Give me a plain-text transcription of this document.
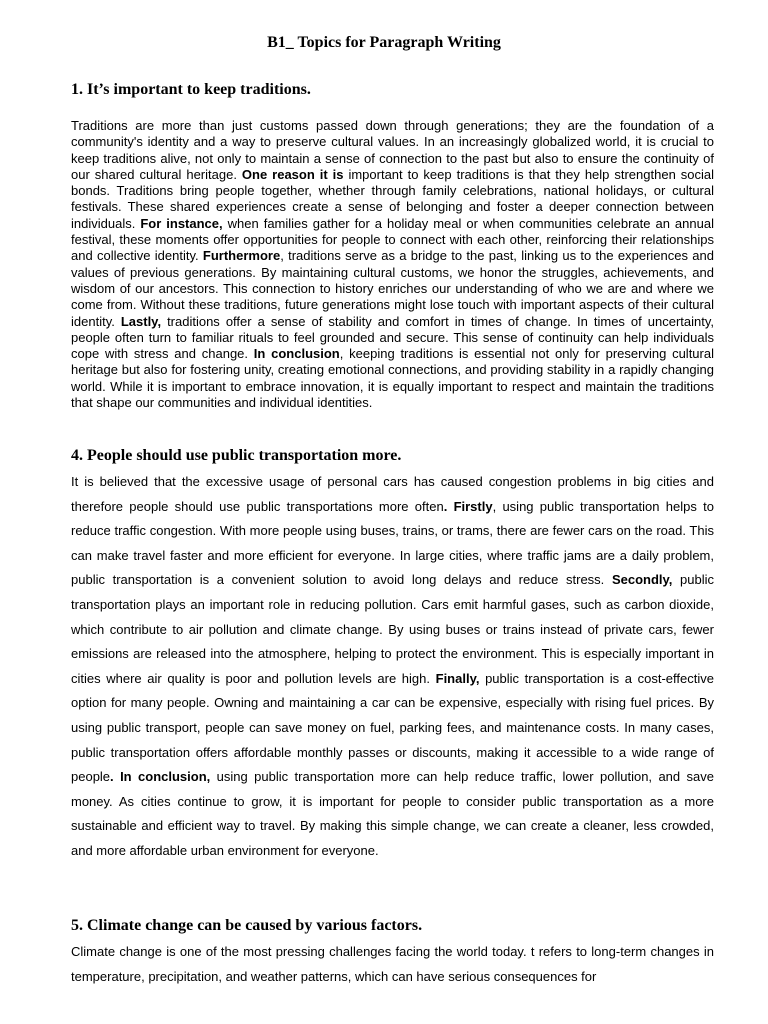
B1_ Topics for Paragraph Writing
1. It’s important to keep traditions.

Traditions are more than just customs passed down through generations; they are the foundation of a community's identity and a way to preserve cultural values. In an increasingly globalized world, it is crucial to keep traditions alive, not only to maintain a sense of connection to the past but also to ensure the continuity of our shared cultural heritage. One reason it is important to keep traditions is that they help strengthen social bonds. Traditions bring people together, whether through family celebrations, national holidays, or cultural festivals. These shared experiences create a sense of belonging and foster a deeper connection between individuals. For instance, when families gather for a holiday meal or when communities celebrate an annual festival, these moments offer opportunities for people to connect with each other, reinforcing their relationships and collective identity. Furthermore, traditions serve as a bridge to the past, linking us to the experiences and values of previous generations. By maintaining cultural customs, we honor the struggles, achievements, and wisdom of our ancestors. This connection to history enriches our understanding of who we are and where we come from. Without these traditions, future generations might lose touch with important aspects of their cultural identity. Lastly, traditions offer a sense of stability and comfort in times of change. In times of uncertainty, people often turn to familiar rituals to feel grounded and secure. This sense of continuity can help individuals cope with stress and change. In conclusion, keeping traditions is essential not only for preserving cultural heritage but also for fostering unity, creating emotional connections, and providing stability in a rapidly changing world. While it is important to embrace innovation, it is equally important to respect and maintain the traditions that shape our communities and individual identities.

4. People should use public transportation more.

It is believed that the excessive usage of personal cars has caused congestion problems in big cities and therefore people should use public transportations more often. Firstly, using public transportation helps to reduce traffic congestion. With more people using buses, trains, or trams, there are fewer cars on the road. This can make travel faster and more efficient for everyone. In large cities, where traffic jams are a daily problem, public transportation is a convenient solution to avoid long delays and reduce stress. Secondly, public transportation plays an important role in reducing pollution. Cars emit harmful gases, such as carbon dioxide, which contribute to air pollution and climate change. By using buses or trains instead of private cars, fewer emissions are released into the atmosphere, helping to protect the environment. This is especially important in cities where air quality is poor and pollution levels are high. Finally, public transportation is a cost-effective option for many people. Owning and maintaining a car can be expensive, especially with rising fuel prices. By using public transport, people can save money on fuel, parking fees, and maintenance costs. In many cases, public transportation offers affordable monthly passes or discounts, making it accessible to a wide range of people. In conclusion, using public transportation more can help reduce traffic, lower pollution, and save money. As cities continue to grow, it is important for people to consider public transportation as a more sustainable and efficient way to travel. By making this simple change, we can create a cleaner, less crowded, and more affordable urban environment for everyone.

5. Climate change can be caused by various factors.

Climate change is one of the most pressing challenges facing the world today. t refers to long-term changes in temperature, precipitation, and weather patterns, which can have serious consequences for
